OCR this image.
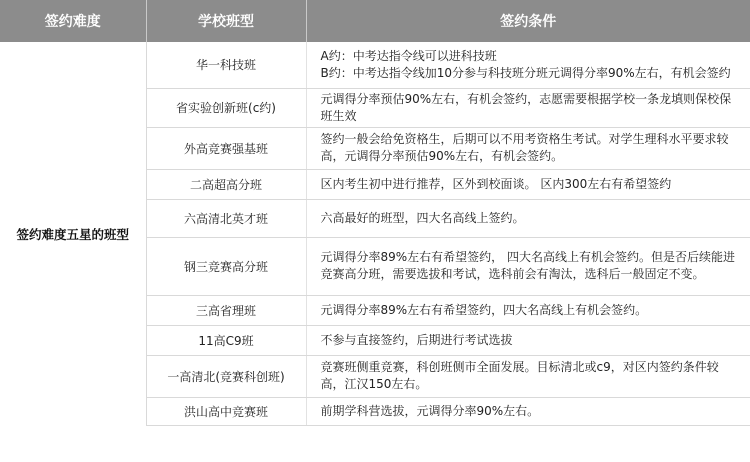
签约难度	学校班型	签约条件
签约难度五星的班型	华一科技班	A约：中考达指令线可以进科技班
B约：中考达指令线加10分参与科技班分班元调得分率90%左右，有机会签约

	省实验创新班(c约)	元调得分率预估90%左右，有机会签约，志愿需要根据学校一条龙填则保校保班生效

	外高竞赛强基班	签约一般会给免资格生，后期可以不用考资格生考试。对学生理科水平要求较高，元调得分率预估90%左右，有机会签约。

	二高超高分班	区内考生初中进行推荐，区外到校面谈。 区内300左右有希望签约

	六高清北英才班	六高最好的班型，四大名高线上签约。

	钢三竞赛高分班	元调得分率89%左右有希望签约， 四大名高线上有机会签约。但是否后续能进竞赛高分班，需要选拔和考试，选科前会有淘汰，选科后一般固定不变。

	三高省理班	元调得分率89%左右有希望签约，四大名高线上有机会签约。

	11高C9班	不参与直接签约，后期进行考试选拔

	一高清北(竞赛科创班)	竞赛班侧重竞赛，科创班侧市全面发展。目标清北或c9，对区内签约条件较高，江汉150左右。

	洪山高中竞赛班	前期学科营选拔，元调得分率90%左右。
